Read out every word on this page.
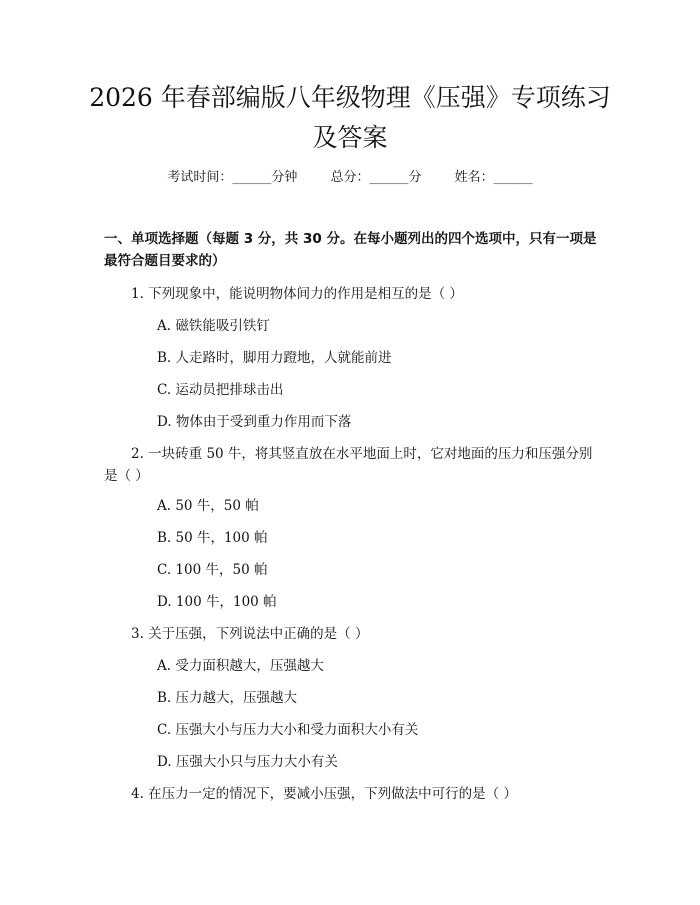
2026 年春部编版八年级物理《压强》专项练习及答案
考试时间：______分钟	总分：______分	姓名：______
一、单项选择题（每题 3 分，共 30 分。在每小题列出的四个选项中，只有一项是最符合题目要求的）
1. 下列现象中，能说明物体间力的作用是相互的是（ ）
A. 磁铁能吸引铁钉
B. 人走路时，脚用力蹬地，人就能前进
C. 运动员把排球击出
D. 物体由于受到重力作用而下落
2. 一块砖重 50 牛，将其竖直放在水平地面上时，它对地面的压力和压强分别是（ ）
A. 50 牛，50 帕
B. 50 牛，100 帕
C. 100 牛，50 帕
D. 100 牛，100 帕
3. 关于压强，下列说法中正确的是（ ）
A. 受力面积越大，压强越大
B. 压力越大，压强越大
C. 压强大小与压力大小和受力面积大小有关
D. 压强大小只与压力大小有关
4. 在压力一定的情况下，要减小压强，下列做法中可行的是（ ）
